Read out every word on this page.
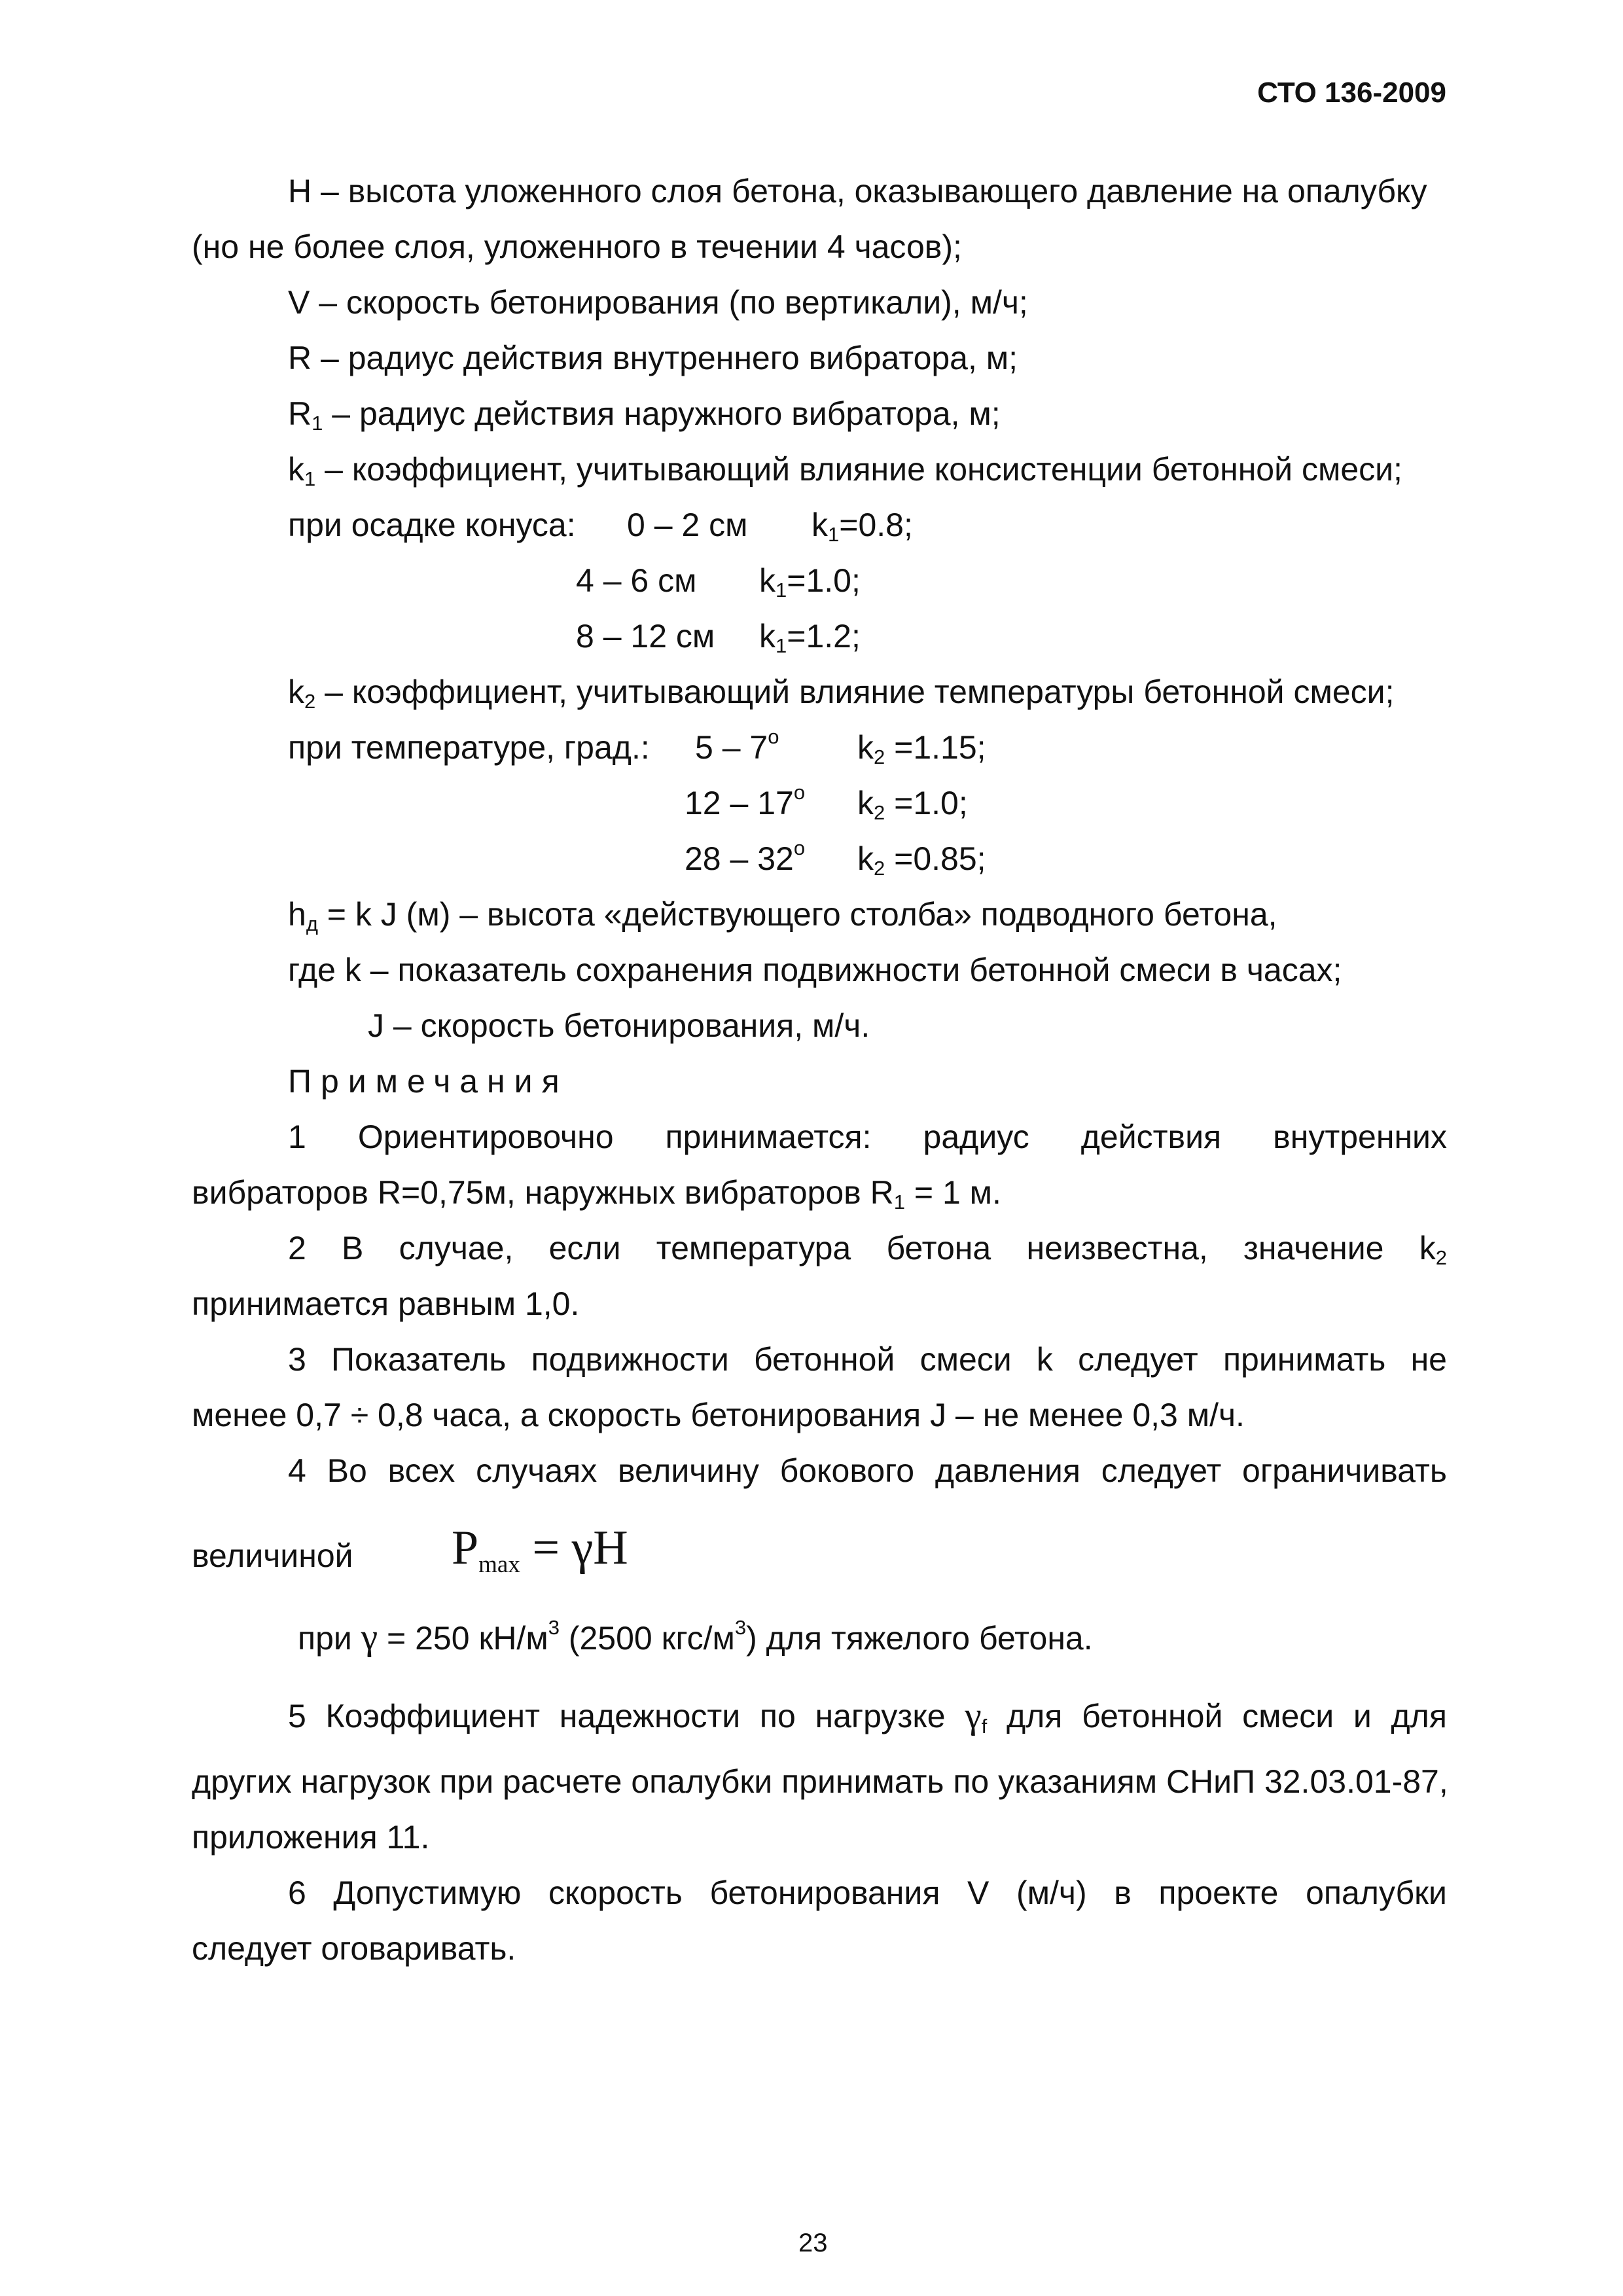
СТО 136-2009
H – высота уложенного слоя бетона, оказывающего давление на опалубку
(но не более слоя, уложенного в течении 4 часов);
V – скорость бетонирования (по вертикали), м/ч;
R – радиус действия внутреннего вибратора, м;
$R_1$ – радиус действия наружного вибратора, м;
$k_1$ – коэффициент, учитывающий влияние консистенции бетонной смеси;
при осадке конуса: 0 – 2 см $k_1=0.8$;
4 – 6 см $k_1=1.0$;
8 – 12 см $k_1=1.2$;
$k_2$ – коэффициент, учитывающий влияние температуры бетонной смеси;
при температуре, град.: 5 – 7$^o$ $k_2 =1.15$;
12 – 17$^o$ $k_2 =1.0$;
28 – 32$^o$ $k_2 =0.85$;
$h_д = k$ J (м) – высота «действующего столба» подводного бетона,
где k – показатель сохранения подвижности бетонной смеси в часах;
J – скорость бетонирования, м/ч.
Примечания
1 Ориентировочно принимается: радиус действия внутренних
вибраторов R=0,75м, наружных вибраторов $R_1 = 1$ м.
2 В случае, если температура бетона неизвестна, значение $k_2$
принимается равным 1,0.
3 Показатель подвижности бетонной смеси k следует принимать не
менее 0,7 ÷ 0,8 часа, а скорость бетонирования J – не менее 0,3 м/ч.
4 Во всех случаях величину бокового давления следует ограничивать
величиной $P_{max} = \gamma H$
при γ = 250 $кН/м^3$ (2500 кгс/$м^3$) для тяжелого бетона.
5 Коэффициент надежности по нагрузке $\gamma_f$ для бетонной смеси и для
других нагрузок при расчете опалубки принимать по указаниям СНиП 32.03.01-87,
приложения 11.
6 Допустимую скорость бетонирования V (м/ч) в проекте опалубки
следует оговаривать.
23
